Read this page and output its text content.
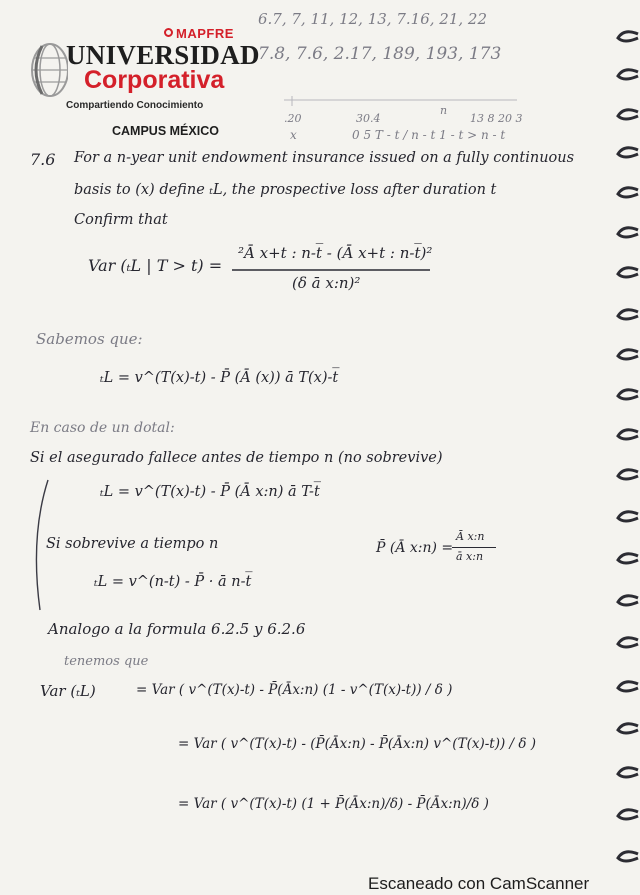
MAPFRE
UNIVERSIDAD
Corporativa
Compartiendo Conocimiento
CAMPUS MÉXICO
6.7, 7, 11, 12, 13, 7.16, 21, 22
7.8, 7.6, 2.17, 189, 193, 173
.20	30.4
n
13 8 20 3
x	0 5 T - t / n - t 1 - t > n - t
7.6 For a n-year unit endowment insurance issued on a fully continuous
basis to (x) define ₜL, the prospective loss after duration t
Confirm that
Var (ₜL | T > t) =
²Ā x+t : n-t̅ - (Ā x+t : n-t̅)²
(δ ā x:n)²
Sabemos que:
ₜL = v^(T(x)-t) - P̄ (Ā (x)) ā T(x)-t̅
En caso de un dotal:
Si el asegurado fallece antes de tiempo n (no sobrevive)
ₜL = v^(T(x)-t) - P̄ (Ā x:n) ā T-t̅
Si sobrevive a tiempo n
ₜL = v^(n-t) - P̄ · ā n-t̅
P̄ (Ā x:n) =
Ā x:n
ā x:n
Analogo a la formula 6.2.5 y 6.2.6
tenemos que
Var (ₜL)	= Var ( v^(T(x)-t) - P̄(Āx:n) (1 - v^(T(x)-t)) / δ )
= Var ( v^(T(x)-t) - (P̄(Āx:n) - P̄(Āx:n) v^(T(x)-t)) / δ )
= Var ( v^(T(x)-t) (1 + P̄(Āx:n)/δ) - P̄(Āx:n)/δ )
Escaneado con CamScanner
